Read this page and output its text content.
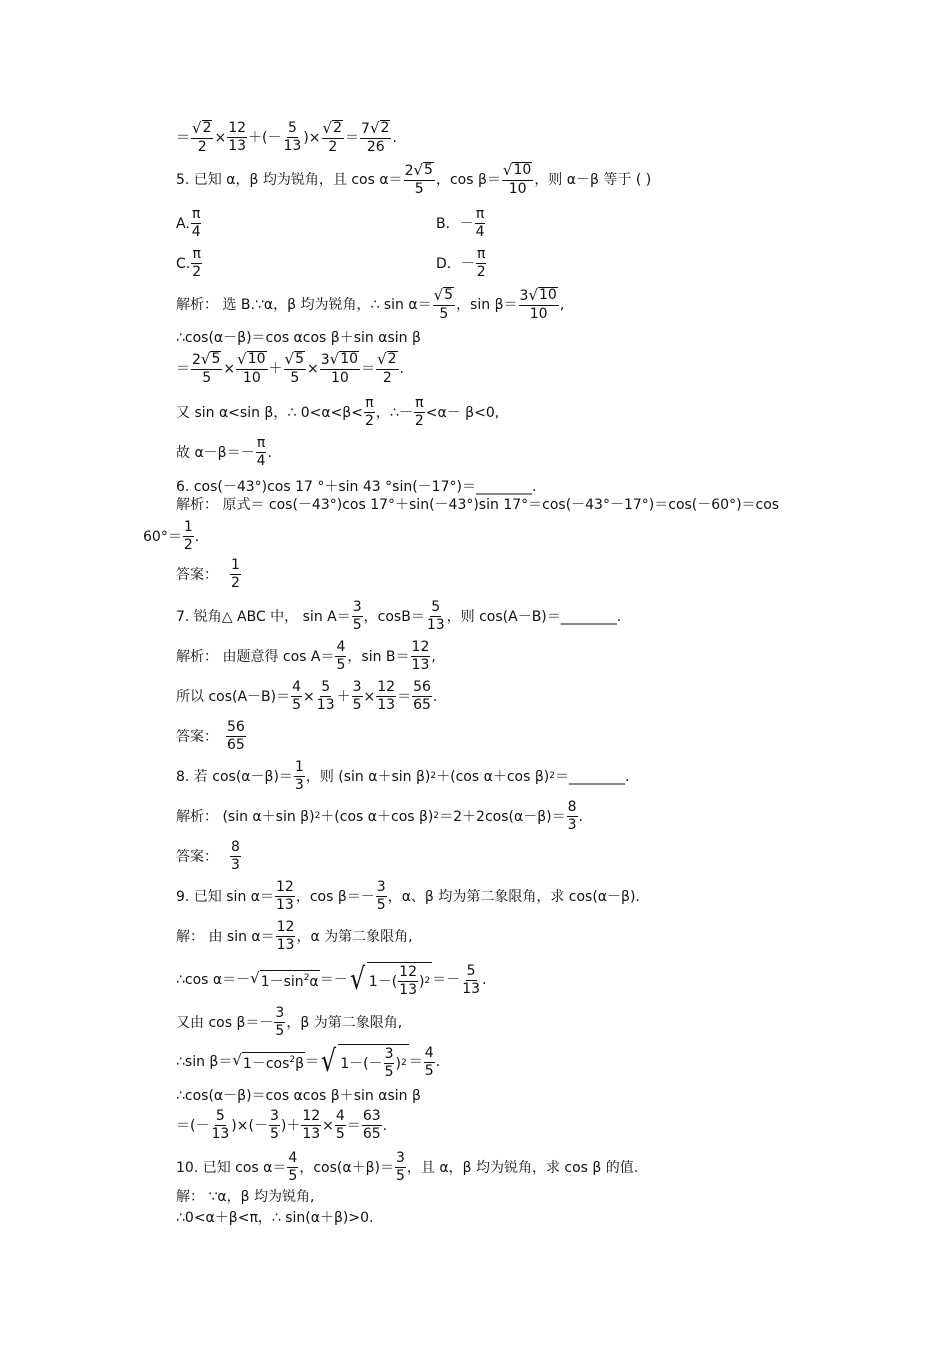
＝ $\frac{√ 2}{2} \times \frac{12}{13}$ ＋(－
5
13
)× $\frac{√ 2}{2}$ ＝
7 √ 2
26
.
5. 已知 α，β 均为锐角，且 cos α＝
2 √ 5
5
，cos β＝
√ 10
10
，则 α－β 等于 ( )
A.
π
4
B．－
π
4
C.
π
2
D．－
π
2
解析： 选 B.∵α，β 均为锐角，∴ sin α＝
√ 5
5
，sin β＝
3 √ 10
10
,
∴cos(α－β)＝cos αcos β＋sin αsin β
＝ $\frac{2 √ 5}{5} \times \frac{√ 10}{10} + \frac{√ 5}{5} \times \frac{3 √ 10}{10}$ ＝
√ 2
2
.
又 sin α<sin β，∴ 0<α<β<
π
2
，∴－
π
2
<α－ β<0,
故 α－β＝－
π
4
.
6. cos(－43°)cos 17 °＋sin 43 °sin(－17°)＝________.
解析： 原式＝ cos(－43°)cos 17°＋sin(－43°)sin 17°＝cos(－43°－17°)＝cos(－60°)＝cos
60°＝
1
2
.
答案：
1
2
7. 锐角△ ABC 中， sin A＝
3
5
，cosB＝
5
13
，则 cos(A－B)＝________.
解析： 由题意得 cos A＝
4
5
，sin B＝
12
13
,
所以 $\cos(A-B)= \frac{4}{5} \times \frac{5}{13} + \frac{3}{5} \times \frac{12}{13}$ ＝
56
65
.
答案：
56
65
8. 若 cos(α－β)＝
1
3
，则 (sin α＋sin β) 2 ＋(cos α＋cos β) 2 ＝________.
解析： (sin α＋sin β) 2 ＋(cos α＋cos β) 2 ＝2＋2cos(α－β)＝
8
3
.
答案：
8
3
9. 已知 sin α＝
12
13
，cos β＝－
3
5
，α、β 均为第二象限角，求 cos(α－β).
解： 由 sin α＝
12
13
，α 为第二象限角,
∴cos α＝－ √ $1-\sin^2\alpha$ ＝－ √ 1－(
12
13
) 2 ＝－
5
13
.
又由 cos β＝－
3
5
，β 为第二象限角,
∴sin β＝ √ $1-\cos^2\beta$ ＝ √ 1－(－
3
5
) 2 ＝
4
5
.
∴cos(α－β)＝cos αcos β＋sin αsin β
＝(－
5
13
)×(－
3
5
)＋ $\frac{12}{13} \times \frac{4}{5}$ ＝
63
65
.
10. 已知 cos α＝
4
5
，cos(α＋β)＝
3
5
，且 α，β 均为锐角，求 cos β 的值.
解： ∵α，β 均为锐角,
∴0<α＋β<π，∴ sin(α＋β)>0.
